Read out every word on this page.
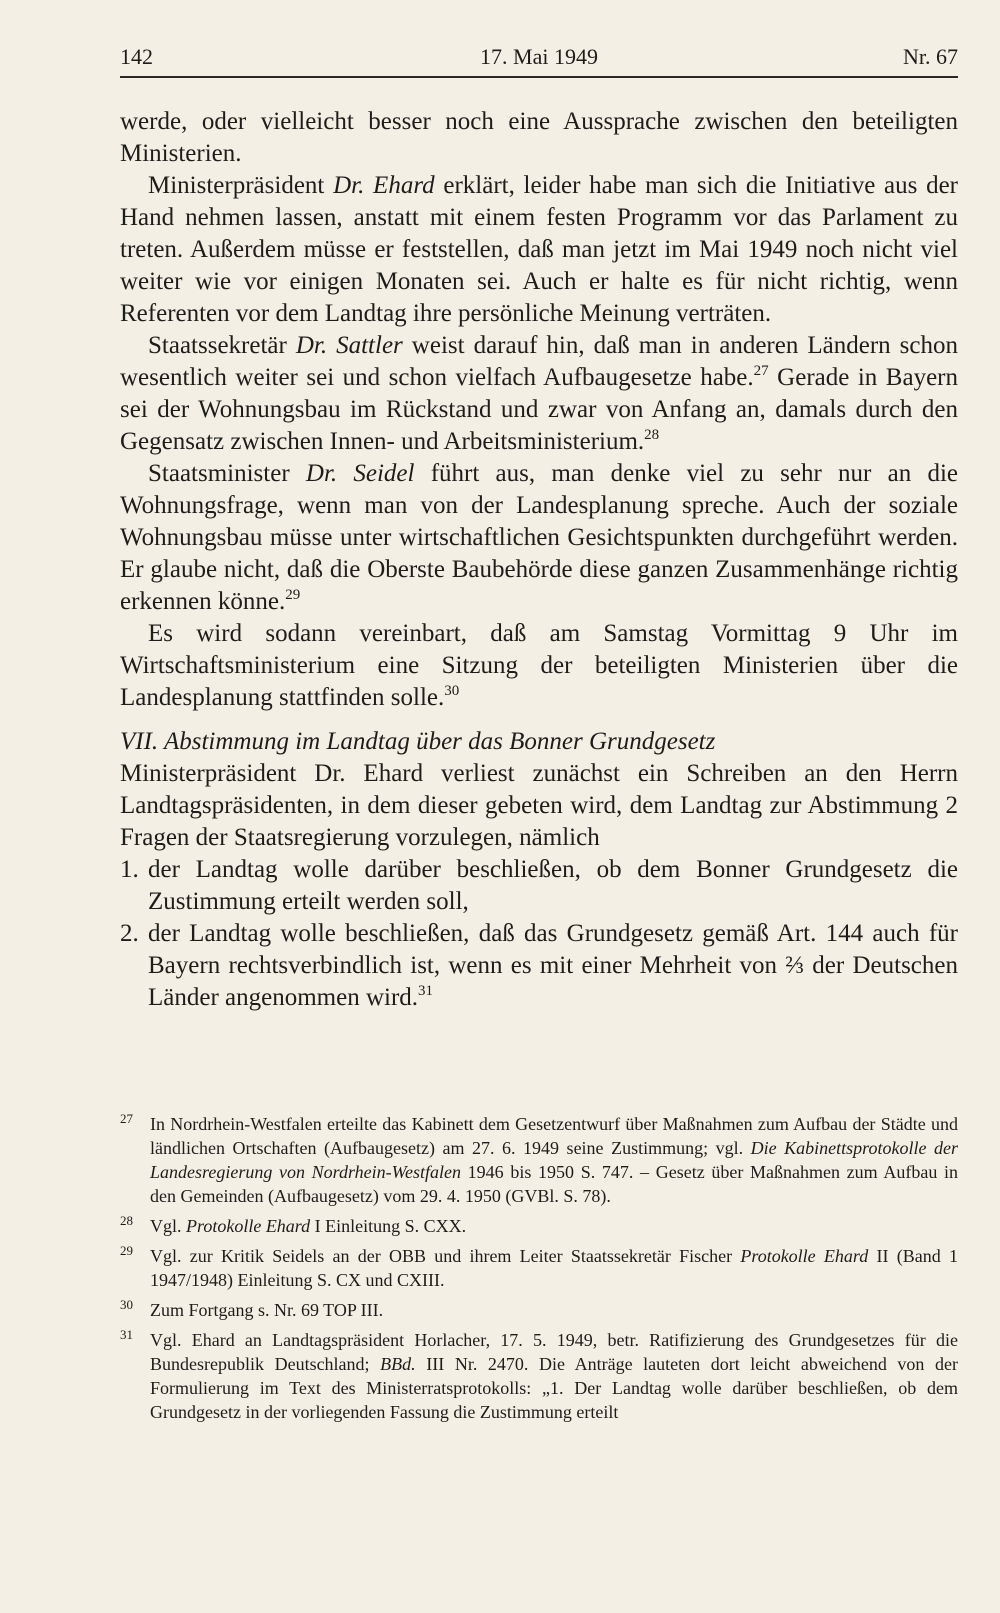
142	17. Mai 1949	Nr. 67

werde, oder vielleicht besser noch eine Aussprache zwischen den beteiligten Ministerien.

Ministerpräsident Dr. Ehard erklärt, leider habe man sich die Initiative aus der Hand nehmen lassen, anstatt mit einem festen Programm vor das Parlament zu treten. Außerdem müsse er feststellen, daß man jetzt im Mai 1949 noch nicht viel weiter wie vor einigen Monaten sei. Auch er halte es für nicht richtig, wenn Referenten vor dem Landtag ihre persönliche Meinung verträten.

Staatssekretär Dr. Sattler weist darauf hin, daß man in anderen Ländern schon wesentlich weiter sei und schon vielfach Aufbaugesetze habe.$^{27}$ Gerade in Bayern sei der Wohnungsbau im Rückstand und zwar von Anfang an, damals durch den Gegensatz zwischen Innen- und Arbeitsministerium.$^{28}$

Staatsminister Dr. Seidel führt aus, man denke viel zu sehr nur an die Wohnungsfrage, wenn man von der Landesplanung spreche. Auch der soziale Wohnungsbau müsse unter wirtschaftlichen Gesichtspunkten durchgeführt werden. Er glaube nicht, daß die Oberste Baubehörde diese ganzen Zusammenhänge richtig erkennen könne.$^{29}$

Es wird sodann vereinbart, daß am Samstag Vormittag 9 Uhr im Wirtschaftsministerium eine Sitzung der beteiligten Ministerien über die Landesplanung stattfinden solle.$^{30}$

VII. Abstimmung im Landtag über das Bonner Grundgesetz

Ministerpräsident Dr. Ehard verliest zunächst ein Schreiben an den Herrn Landtagspräsidenten, in dem dieser gebeten wird, dem Landtag zur Abstimmung 2 Fragen der Staatsregierung vorzulegen, nämlich

1. der Landtag wolle darüber beschließen, ob dem Bonner Grundgesetz die Zustimmung erteilt werden soll,
2. der Landtag wolle beschließen, daß das Grundgesetz gemäß Art. 144 auch für Bayern rechtsverbindlich ist, wenn es mit einer Mehrheit von ⅔ der Deutschen Länder angenommen wird.$^{31}$
27 In Nordrhein-Westfalen erteilte das Kabinett dem Gesetzentwurf über Maßnahmen zum Aufbau der Städte und ländlichen Ortschaften (Aufbaugesetz) am 27. 6. 1949 seine Zustimmung; vgl. Die Kabinettsprotokolle der Landesregierung von Nordrhein-Westfalen 1946 bis 1950 S. 747. – Gesetz über Maßnahmen zum Aufbau in den Gemeinden (Aufbaugesetz) vom 29. 4. 1950 (GVBl. S. 78).
28 Vgl. Protokolle Ehard I Einleitung S. CXX.
29 Vgl. zur Kritik Seidels an der OBB und ihrem Leiter Staatssekretär Fischer Protokolle Ehard II (Band 1 1947/1948) Einleitung S. CX und CXIII.
30 Zum Fortgang s. Nr. 69 TOP III.
31 Vgl. Ehard an Landtagspräsident Horlacher, 17. 5. 1949, betr. Ratifizierung des Grundgesetzes für die Bundesrepublik Deutschland; BBd. III Nr. 2470. Die Anträge lauteten dort leicht abweichend von der Formulierung im Text des Ministerratsprotokolls: „1. Der Landtag wolle darüber beschließen, ob dem Grundgesetz in der vorliegenden Fassung die Zustimmung erteilt
